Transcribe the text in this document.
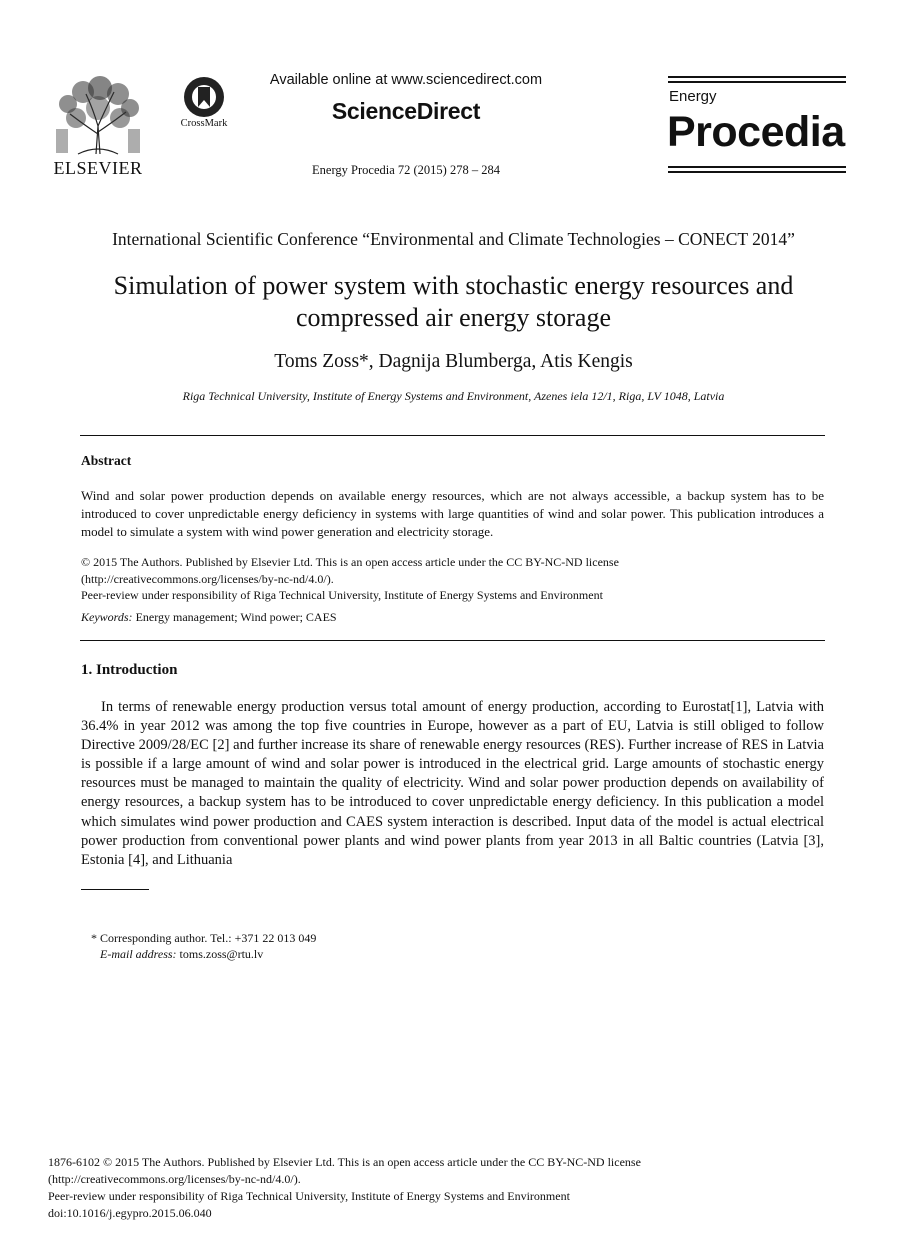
ELSEVIER
CrossMark
Available online at www.sciencedirect.com
ScienceDirect
Energy Procedia 72 (2015) 278 – 284
Energy
Procedia
International Scientific Conference “Environmental and Climate Technologies – CONECT 2014”
Simulation of power system with stochastic energy resources and
compressed air energy storage
Toms Zoss*, Dagnija Blumberga, Atis Kengis
Riga Technical University, Institute of Energy Systems and Environment, Azenes iela 12/1, Riga, LV 1048, Latvia
Abstract
Wind and solar power production depends on available energy resources, which are not always accessible, a backup system has to be introduced to cover unpredictable energy deficiency in systems with large quantities of wind and solar power. This publication introduces a model to simulate a system with wind power generation and electricity storage.
© 2015 The Authors. Published by Elsevier Ltd. This is an open access article under the CC BY-NC-ND license
(http://creativecommons.org/licenses/by-nc-nd/4.0/).
Peer-review under responsibility of Riga Technical University, Institute of Energy Systems and Environment
Keywords: Energy management; Wind power; CAES
1. Introduction
In terms of renewable energy production versus total amount of energy production, according to Eurostat[1], Latvia with 36.4% in year 2012 was among the top five countries in Europe, however as a part of EU, Latvia is still obliged to follow Directive 2009/28/EC [2] and further increase its share of renewable energy resources (RES). Further increase of RES in Latvia is possible if a large amount of wind and solar power is introduced in the electrical grid. Large amounts of stochastic energy resources must be managed to maintain the quality of electricity. Wind and solar power production depends on availability of energy resources, a backup system has to be introduced to cover unpredictable energy deficiency. In this publication a model which simulates wind power production and CAES system interaction is described. Input data of the model is actual electrical power production from conventional power plants and wind power plants from year 2013 in all Baltic countries (Latvia [3], Estonia [4], and Lithuania
* Corresponding author. Tel.: +371 22 013 049
E-mail address: toms.zoss@rtu.lv
1876-6102 © 2015 The Authors. Published by Elsevier Ltd. This is an open access article under the CC BY-NC-ND license
(http://creativecommons.org/licenses/by-nc-nd/4.0/).
Peer-review under responsibility of Riga Technical University, Institute of Energy Systems and Environment
doi:10.1016/j.egypro.2015.06.040
